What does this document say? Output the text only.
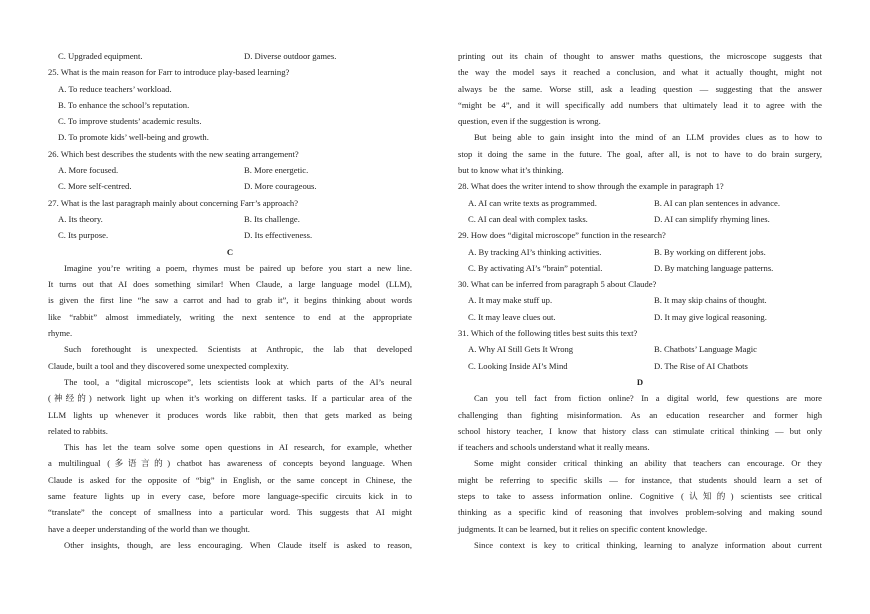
C. Upgraded equipment.	D. Diverse outdoor games.
25. What is the main reason for Farr to introduce play-based learning?
A. To reduce teachers’ workload.
B. To enhance the school’s reputation.
C. To improve students’ academic results.
D. To promote kids’ well-being and growth.
26. Which best describes the students with the new seating arrangement?
A. More focused.	B. More energetic.
C. More self-centred.	D. More courageous.
27. What is the last paragraph mainly about concerning Farr’s approach?
A. Its theory.	B. Its challenge.
C. Its purpose.	D. Its effectiveness.
C
Imagine you’re writing a poem, rhymes must be paired up before you start a new line.
It turns out that AI does something similar! When Claude, a large language model (LLM),
is given the first line “he saw a carrot and had to grab it”, it begins thinking about words
like “rabbit” almost immediately, writing the next sentence to end at the appropriate
rhyme.
Such forethought is unexpected. Scientists at Anthropic, the lab that developed
Claude, built a tool and they discovered some unexpected complexity.
The tool, a “digital microscope”, lets scientists look at which parts of the AI’s neural
(神经的) network light up when it’s working on different tasks. If a particular area of the
LLM lights up whenever it produces words like rabbit, then that gets marked as being
related to rabbits.
This has let the team solve some open questions in AI research, for example, whether
a multilingual (多语言的) chatbot has awareness of concepts beyond language. When
Claude is asked for the opposite of “big” in English, or the same concept in Chinese, the
same feature lights up in every case, before more language-specific circuits kick in to
“translate” the concept of smallness into a particular word. This suggests that AI might
have a deeper understanding of the world than we thought.
Other insights, though, are less encouraging. When Claude itself is asked to reason,
printing out its chain of thought to answer maths questions, the microscope suggests that
the way the model says it reached a conclusion, and what it actually thought, might not
always be the same. Worse still, ask a leading question — suggesting that the answer
“might be 4”, and it will specifically add numbers that ultimately lead it to agree with the
question, even if the suggestion is wrong.
But being able to gain insight into the mind of an LLM provides clues as to how to
stop it doing the same in the future. The goal, after all, is not to have to do brain surgery,
but to know what it’s thinking.
28. What does the writer intend to show through the example in paragraph 1?
A. AI can write texts as programmed.	B. AI can plan sentences in advance.
C. AI can deal with complex tasks.	D. AI can simplify rhyming lines.
29. How does “digital microscope” function in the research?
A. By tracking AI’s thinking activities.	B. By working on different jobs.
C. By activating AI’s “brain” potential.	D. By matching language patterns.
30. What can be inferred from paragraph 5 about Claude?
A. It may make stuff up.	B. It may skip chains of thought.
C. It may leave clues out.	D. It may give logical reasoning.
31. Which of the following titles best suits this text?
A. Why AI Still Gets It Wrong	B. Chatbots’ Language Magic
C. Looking Inside AI’s Mind	D. The Rise of AI Chatbots
D
Can you tell fact from fiction online? In a digital world, few questions are more
challenging than fighting misinformation. As an education researcher and former high
school history teacher, I know that history class can stimulate critical thinking — but only
if teachers and schools understand what it really means.
Some might consider critical thinking an ability that teachers can encourage. Or they
might be referring to specific skills — for instance, that students should learn a set of
steps to take to assess information online. Cognitive (认知的) scientists see critical
thinking as a specific kind of reasoning that involves problem-solving and making sound
judgments. It can be learned, but it relies on specific content knowledge.
Since context is key to critical thinking, learning to analyze information about current
